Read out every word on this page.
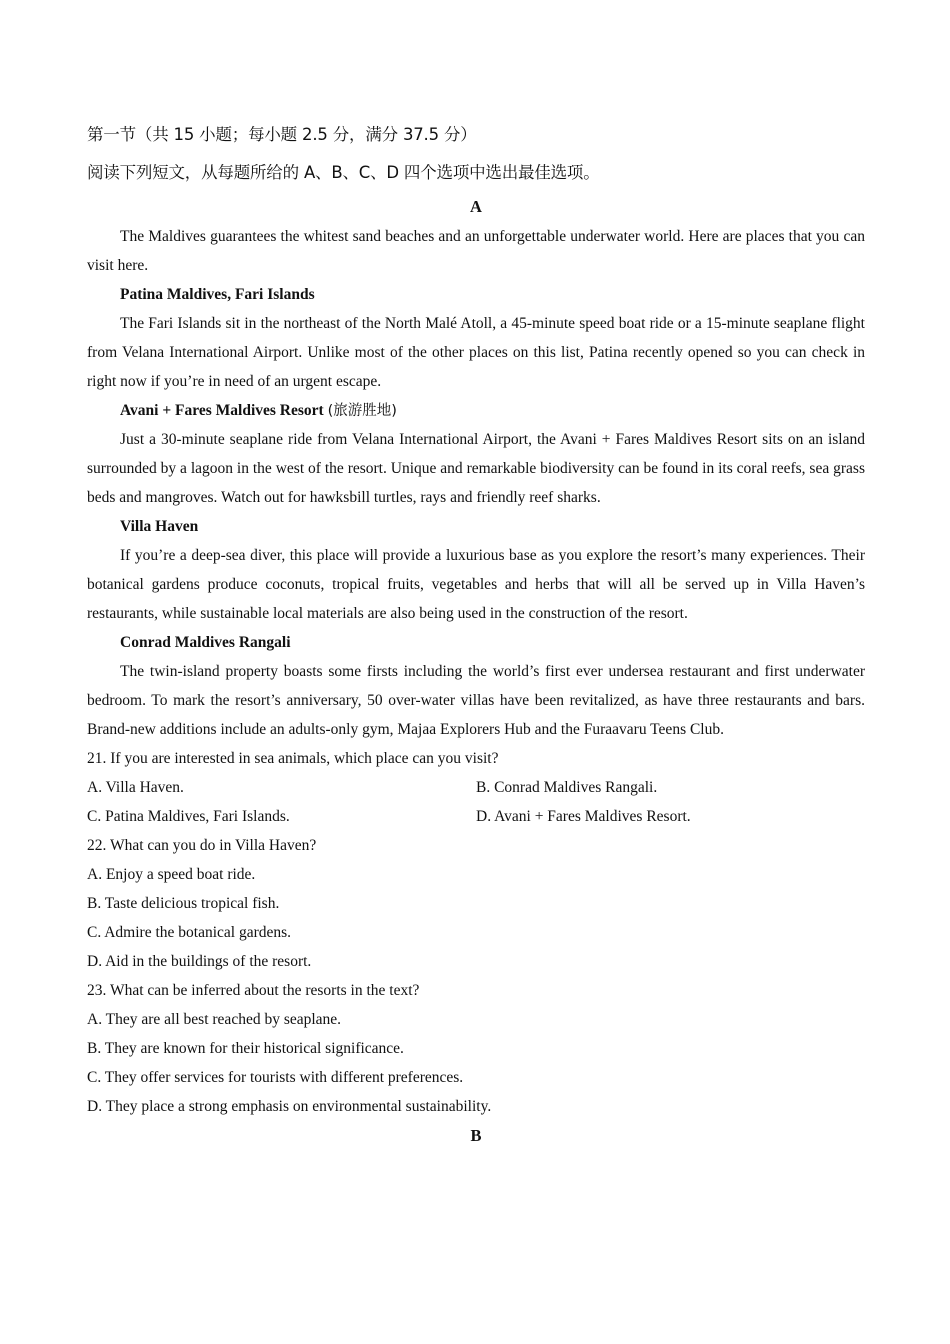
第一节（共 15 小题；每小题 2.5 分，满分 37.5 分）
阅读下列短文，从每题所给的 A、B、C、D 四个选项中选出最佳选项。
A

The Maldives guarantees the whitest sand beaches and an unforgettable underwater world. Here are places that you can visit here.

Patina Maldives, Fari Islands

The Fari Islands sit in the northeast of the North Malé Atoll, a 45-minute speed boat ride or a 15-minute seaplane flight from Velana International Airport. Unlike most of the other places on this list, Patina recently opened so you can check in right now if you’re in need of an urgent escape.

Avani + Fares Maldives Resort (旅游胜地)

Just a 30-minute seaplane ride from Velana International Airport, the Avani + Fares Maldives Resort sits on an island surrounded by a lagoon in the west of the resort. Unique and remarkable biodiversity can be found in its coral reefs, sea grass beds and mangroves. Watch out for hawksbill turtles, rays and friendly reef sharks.

Villa Haven

If you’re a deep-sea diver, this place will provide a luxurious base as you explore the resort’s many experiences. Their botanical gardens produce coconuts, tropical fruits, vegetables and herbs that will all be served up in Villa Haven’s restaurants, while sustainable local materials are also being used in the construction of the resort.

Conrad Maldives Rangali

The twin-island property boasts some firsts including the world’s first ever undersea restaurant and first underwater bedroom. To mark the resort’s anniversary, 50 over-water villas have been revitalized, as have three restaurants and bars. Brand-new additions include an adults-only gym, Majaa Explorers Hub and the Furaavaru Teens Club.

21. If you are interested in sea animals, which place can you visit?
A. Villa Haven.	B. Conrad Maldives Rangali.
C. Patina Maldives, Fari Islands.	D. Avani + Fares Maldives Resort.
22. What can you do in Villa Haven?
A. Enjoy a speed boat ride.
B. Taste delicious tropical fish.
C. Admire the botanical gardens.
D. Aid in the buildings of the resort.
23. What can be inferred about the resorts in the text?
A. They are all best reached by seaplane.
B. They are known for their historical significance.
C. They offer services for tourists with different preferences.
D. They place a strong emphasis on environmental sustainability.
B
